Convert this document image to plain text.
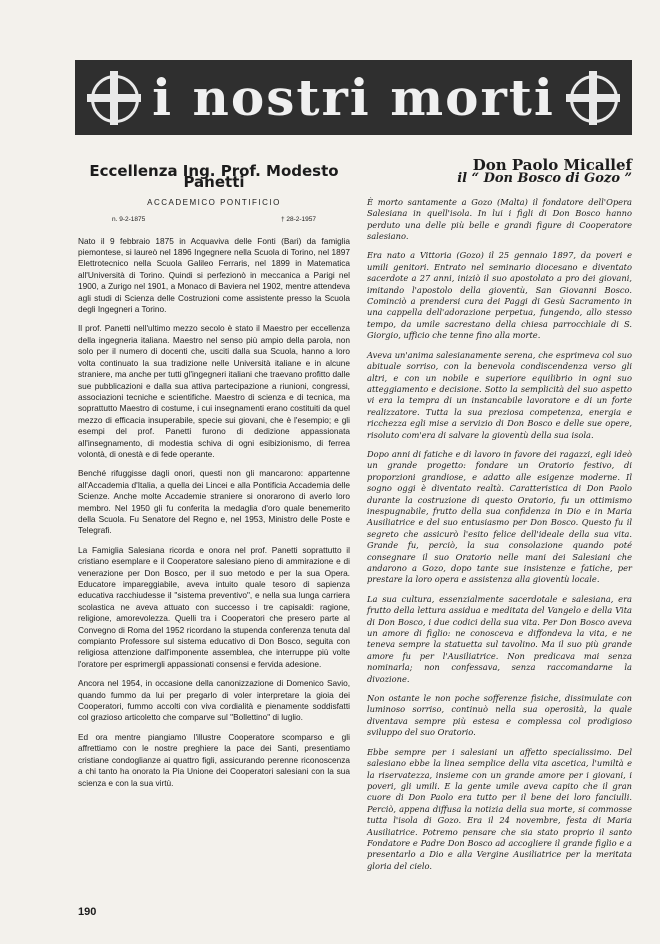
i nostri morti
Eccellenza Ing. Prof. Modesto Panetti
ACCADEMICO PONTIFICIO
n. 9-2-1875	† 28-2-1957

Nato il 9 febbraio 1875 in Acquaviva delle Fonti (Bari) da famiglia piemontese, si laureò nel 1896 Ingegnere nella Scuola di Torino, nel 1897 Elettrotecnico nella Scuola Galileo Ferraris, nel 1899 in Matematica all'Università di Torino. Quindi si perfezionò in meccanica a Parigi nel 1900, a Zurigo nel 1901, a Monaco di Baviera nel 1902, mentre attendeva agli studi di Scienza delle Costruzioni come assistente presso la Scuola degli Ingegneri a Torino.

Il prof. Panetti nell'ultimo mezzo secolo è stato il Maestro per eccellenza della ingegneria italiana. Maestro nel senso più ampio della parola, non solo per il numero di docenti che, usciti dalla sua Scuola, hanno a loro volta continuato la sua tradizione nelle Università italiane e in alcune straniere, ma anche per tutti gl'ingegneri italiani che traevano profitto dalle sue pubblicazioni e dalla sua attiva partecipazione a riunioni, congressi, associazioni tecniche e scientifiche. Maestro di scienza e di tecnica, ma soprattutto Maestro di costume, i cui insegnamenti erano costituiti da quel mezzo di efficacia insuperabile, specie sui giovani, che è l'esempio; e gli esempi del prof. Panetti furono di dedizione appassionata all'insegnamento, di modestia schiva di ogni esibizionismo, di ferrea volontà, di onestà e di fede operante.

Benché rifuggisse dagli onori, questi non gli mancarono: appartenne all'Accademia d'Italia, a quella dei Lincei e alla Pontificia Accademia delle Scienze. Anche molte Accademie straniere si onorarono di averlo loro membro. Nel 1950 gli fu conferita la medaglia d'oro quale benemerito della Scuola. Fu Senatore del Regno e, nel 1953, Ministro delle Poste e Telegrafi.

La Famiglia Salesiana ricorda e onora nel prof. Panetti soprattutto il cristiano esemplare e il Cooperatore salesiano pieno di ammirazione e di venerazione per Don Bosco, per il suo metodo e per la sua Opera. Educatore impareggiabile, aveva intuito quale tesoro di sapienza educativa racchiudesse il "sistema preventivo", e nella sua lunga carriera scolastica ne aveva attuato con successo i tre capisaldi: ragione, religione, amorevolezza. Quelli tra i Cooperatori che presero parte al Convegno di Roma del 1952 ricordano la stupenda conferenza tenuta dal compianto Professore sul sistema educativo di Don Bosco, seguita con religiosa attenzione dall'imponente assemblea, che interruppe più volte l'oratore per esprimergli appassionati consensi e fervida adesione.

Ancora nel 1954, in occasione della canonizzazione di Domenico Savio, quando fummo da lui per pregarlo di voler interpretare la gioia dei Cooperatori, fummo accolti con viva cordialità e pienamente soddisfatti col grazioso articoletto che comparve sul "Bollettino" di luglio.

Ed ora mentre piangiamo l'illustre Cooperatore scomparso e gli affrettiamo con le nostre preghiere la pace dei Santi, presentiamo cristiane condoglianze ai quattro figli, assicurando perenne riconoscenza a chi tanto ha onorato la Pia Unione dei Cooperatori salesiani con la sua scienza e con la sua virtù.

Don Paolo Micallef
il “ Don Bosco di Gozo ”

È morto santamente a Gozo (Malta) il fondatore dell'Opera Salesiana in quell'isola. In lui i figli di Don Bosco hanno perduto una delle più belle e grandi figure di Cooperatore salesiano.

Era nato a Vittoria (Gozo) il 25 gennaio 1897, da poveri e umili genitori. Entrato nel seminario diocesano e diventato sacerdote a 27 anni, iniziò il suo apostolato a pro dei giovani, imitando l'apostolo della gioventù, San Giovanni Bosco. Cominciò a prendersi cura dei Paggi di Gesù Sacramento in una cappella dell'adorazione perpetua, fungendo, allo stesso tempo, da umile sacrestano della chiesa parrocchiale di S. Giorgio, ufficio che tenne fino alla morte.

Aveva un'anima salesianamente serena, che esprimeva col suo abituale sorriso, con la benevola condiscendenza verso gli altri, e con un nobile e superiore equilibrio in ogni suo atteggiamento e decisione. Sotto la semplicità del suo aspetto vi era la tempra di un instancabile lavoratore e di un forte realizzatore. Tutta la sua preziosa competenza, energia e ricchezza egli mise a servizio di Don Bosco e delle sue opere, risoluto com'era di salvare la gioventù della sua isola.

Dopo anni di fatiche e di lavoro in favore dei ragazzi, egli ideò un grande progetto: fondare un Oratorio festivo, di proporzioni grandiose, e adatto alle esigenze moderne. Il sogno oggi è diventato realtà. Caratteristica di Don Paolo durante la costruzione di questo Oratorio, fu un ottimismo inespugnabile, frutto della sua confidenza in Dio e in Maria Ausiliatrice e del suo entusiasmo per Don Bosco. Questo fu il segreto che assicurò l'esito felice dell'ideale della sua vita. Grande fu, perciò, la sua consolazione quando poté consegnare il suo Oratorio nelle mani dei Salesiani che andarono a Gozo, dopo tante sue insistenze e fatiche, per prestare la loro opera e assistenza alla gioventù locale.

La sua cultura, essenzialmente sacerdotale e salesiana, era frutto della lettura assidua e meditata del Vangelo e della Vita di Don Bosco, i due codici della sua vita. Per Don Bosco aveva un amore di figlio: ne conosceva e diffondeva la vita, e ne teneva sempre la statuetta sul tavolino. Ma il suo più grande amore fu per l'Ausiliatrice. Non predicava mai senza nominarla; non confessava, senza raccomandarne la divozione.

Non ostante le non poche sofferenze fisiche, dissimulate con luminoso sorriso, continuò nella sua operosità, la quale diventava sempre più estesa e complessa col prodigioso sviluppo del suo Oratorio.

Ebbe sempre per i salesiani un affetto specialissimo. Del salesiano ebbe la linea semplice della vita ascetica, l'umiltà e la riservatezza, insieme con un grande amore per i giovani, i poveri, gli umili. E la gente umile aveva capito che il gran cuore di Don Paolo era tutto per il bene dei loro fanciulli. Perciò, appena diffusa la notizia della sua morte, si commosse tutta l'isola di Gozo. Era il 24 novembre, festa di Maria Ausiliatrice. Potremo pensare che sia stato proprio il santo Fondatore e Padre Don Bosco ad accogliere il grande figlio e a presentarlo a Dio e alla Vergine Ausiliatrice per la meritata gloria del cielo.

190
